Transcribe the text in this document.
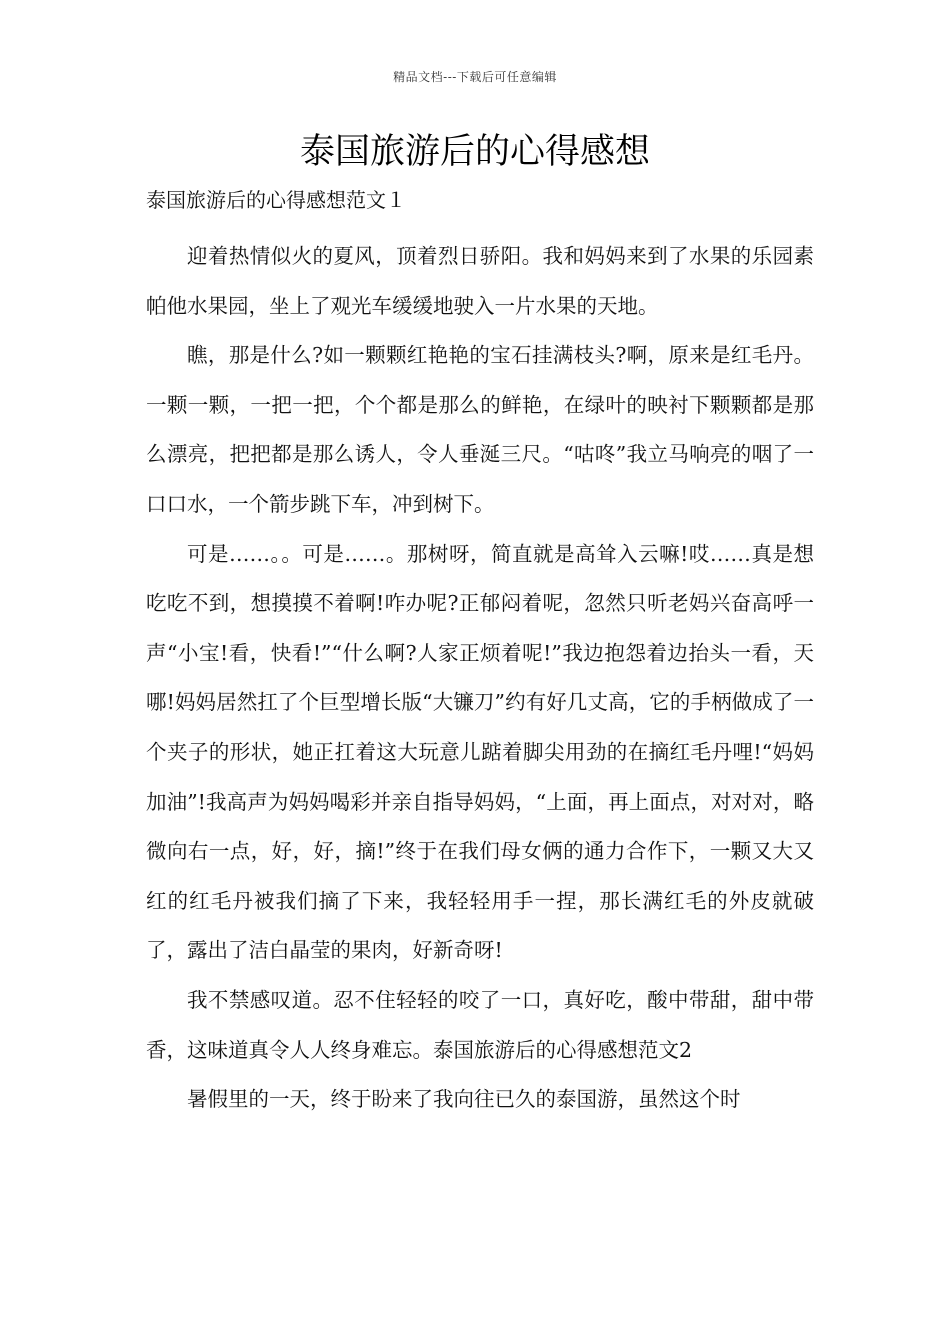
精品文档---下载后可任意编辑
泰国旅游后的心得感想

泰国旅游后的心得感想范文１

迎着热情似火的夏风，顶着烈日骄阳。我和妈妈来到了水果的乐园素帕他水果园，坐上了观光车缓缓地驶入一片水果的天地。

瞧，那是什么?如一颗颗红艳艳的宝石挂满枝头?啊，原来是红毛丹。一颗一颗，一把一把，个个都是那么的鲜艳，在绿叶的映衬下颗颗都是那么漂亮，把把都是那么诱人，令人垂涎三尺。“咕咚”我立马响亮的咽了一口口水，一个箭步跳下车，冲到树下。

可是……。。可是……。那树呀，简直就是高耸入云嘛!哎……真是想吃吃不到，想摸摸不着啊!咋办呢?正郁闷着呢，忽然只听老妈兴奋高呼一声“小宝!看，快看!”“什么啊?人家正烦着呢!”我边抱怨着边抬头一看，天哪!妈妈居然扛了个巨型增长版“大镰刀”约有好几丈高，它的手柄做成了一个夹子的形状，她正扛着这大玩意儿踮着脚尖用劲的在摘红毛丹哩!“妈妈加油”!我高声为妈妈喝彩并亲自指导妈妈，“上面，再上面点，对对对，略微向右一点，好，好，摘!”终于在我们母女俩的通力合作下，一颗又大又红的红毛丹被我们摘了下来，我轻轻用手一捏，那长满红毛的外皮就破了，露出了洁白晶莹的果肉，好新奇呀!

我不禁感叹道。忍不住轻轻的咬了一口，真好吃，酸中带甜，甜中带香，这味道真令人人终身难忘。泰国旅游后的心得感想范文2

暑假里的一天，终于盼来了我向往已久的泰国游，虽然这个时
